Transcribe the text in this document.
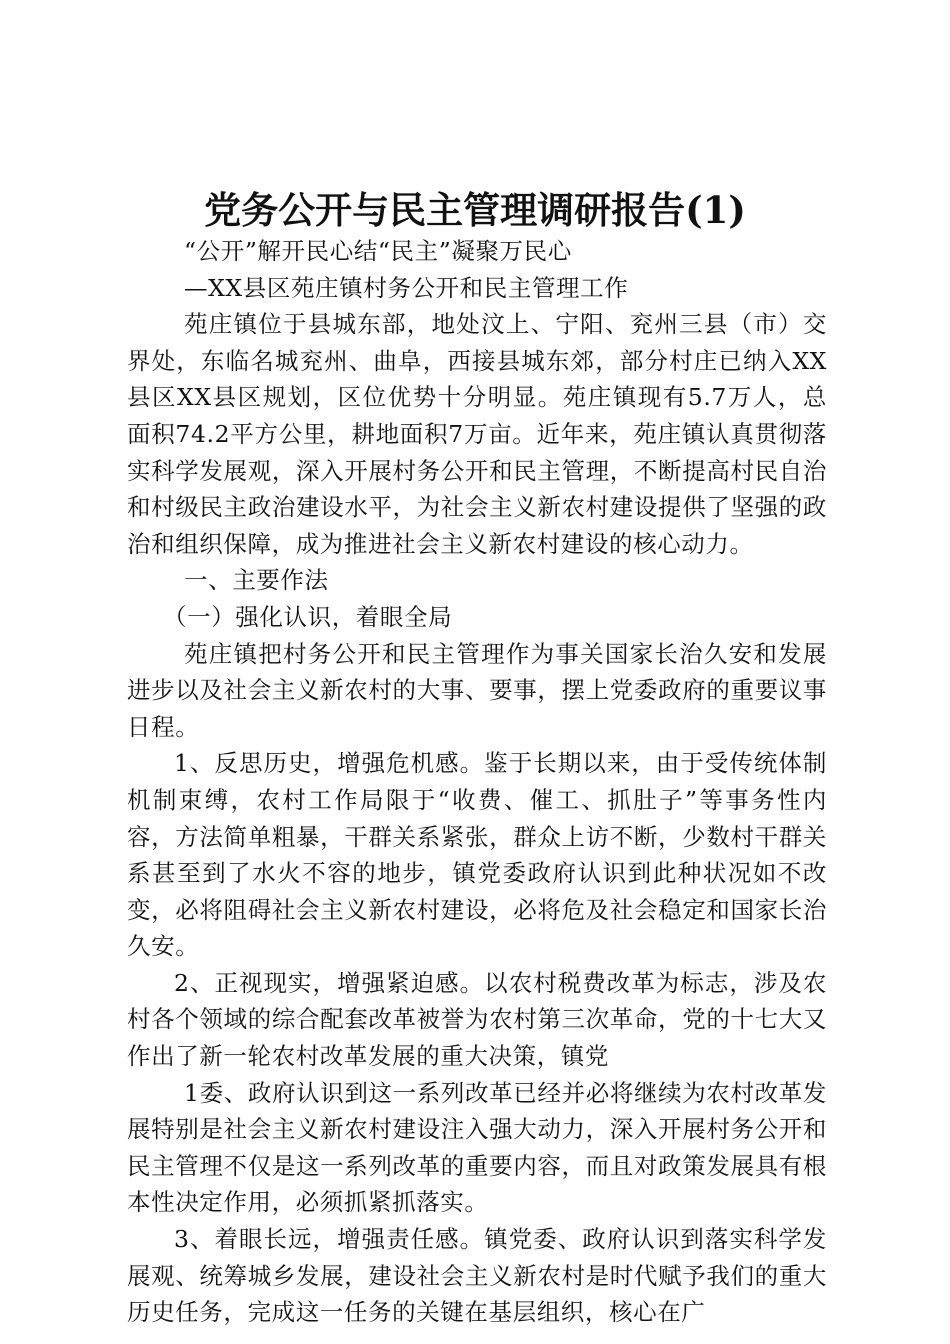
党务公开与民主管理调研报告(1)

“公开”解开民心结“民主”凝聚万民心

—XX县区苑庄镇村务公开和民主管理工作

苑庄镇位于县城东部，地处汶上、宁阳、兖州三县（市）交界处，东临名城兖州、曲阜，西接县城东郊，部分村庄已纳入XX县区XX县区规划，区位优势十分明显。苑庄镇现有5.7万人，总面积74.2平方公里，耕地面积7万亩。近年来，苑庄镇认真贯彻落实科学发展观，深入开展村务公开和民主管理，不断提高村民自治和村级民主政治建设水平，为社会主义新农村建设提供了坚强的政治和组织保障，成为推进社会主义新农村建设的核心动力。

一、主要作法

（一）强化认识，着眼全局

苑庄镇把村务公开和民主管理作为事关国家长治久安和发展进步以及社会主义新农村的大事、要事，摆上党委政府的重要议事日程。

1、反思历史，增强危机感。鉴于长期以来，由于受传统体制机制束缚，农村工作局限于“收费、催工、抓肚子”等事务性内容，方法简单粗暴，干群关系紧张，群众上访不断，少数村干群关系甚至到了水火不容的地步，镇党委政府认识到此种状况如不改变，必将阻碍社会主义新农村建设，必将危及社会稳定和国家长治久安。

2、正视现实，增强紧迫感。以农村税费改革为标志，涉及农村各个领域的综合配套改革被誉为农村第三次革命，党的十七大又作出了新一轮农村改革发展的重大决策，镇党

1委、政府认识到这一系列改革已经并必将继续为农村改革发展特别是社会主义新农村建设注入强大动力，深入开展村务公开和民主管理不仅是这一系列改革的重要内容，而且对政策发展具有根本性决定作用，必须抓紧抓落实。

3、着眼长远，增强责任感。镇党委、政府认识到落实科学发展观、统筹城乡发展，建设社会主义新农村是时代赋予我们的重大历史任务，完成这一任务的关键在基层组织，核心在广
